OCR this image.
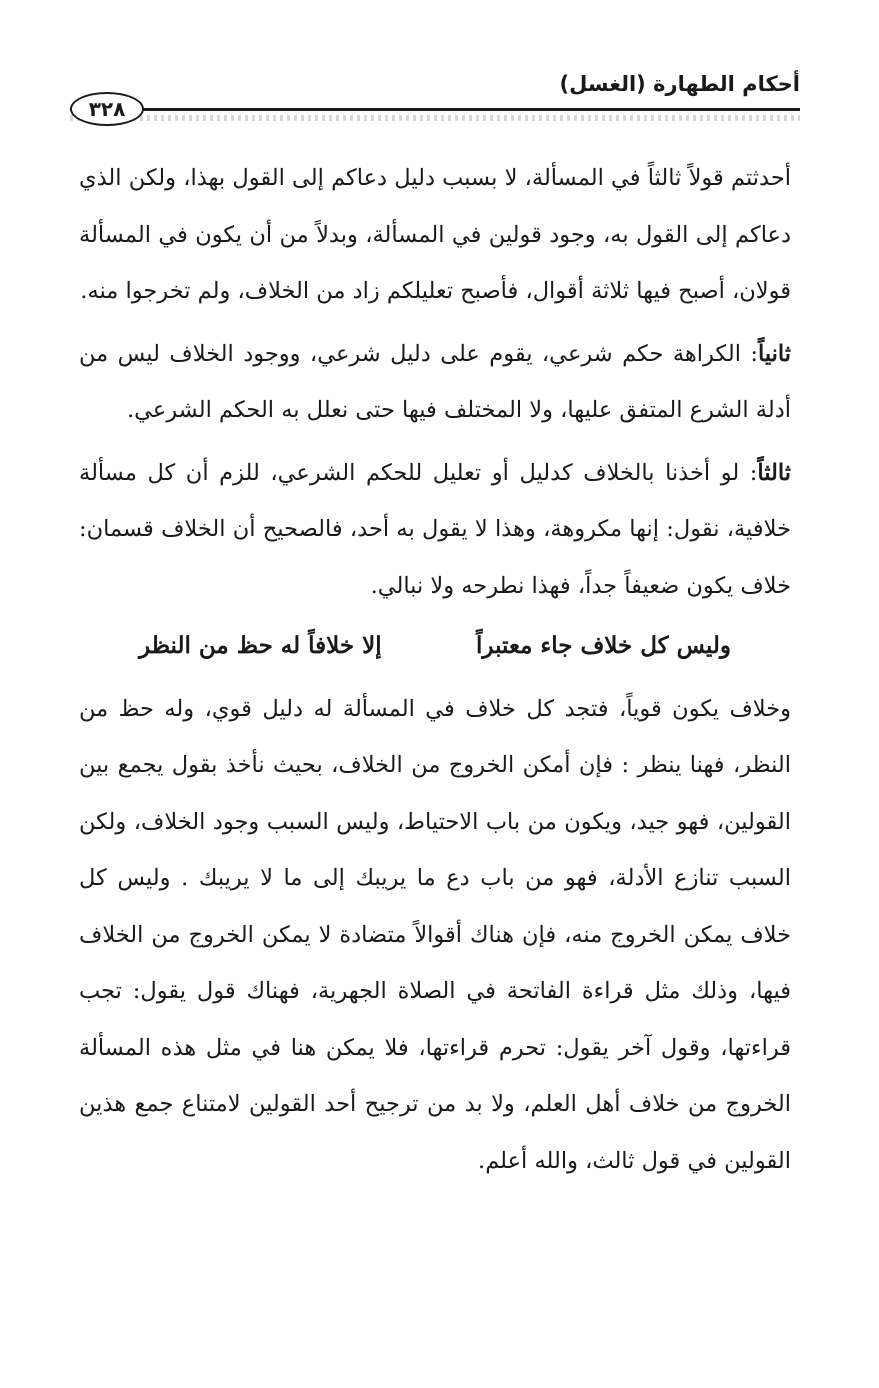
أحكام الطهارة (الغسل)
٣٢٨

أحدثتم قولاً ثالثاً في المسألة، لا بسبب دليل دعاكم إلى القول بهذا، ولكن الذي دعاكم إلى القول به، وجود قولين في المسألة، وبدلاً من أن يكون في المسألة قولان، أصبح فيها ثلاثة أقوال، فأصبح تعليلكم زاد من الخلاف، ولم تخرجوا منه.

ثانياً: الكراهة حكم شرعي، يقوم على دليل شرعي، ووجود الخلاف ليس من أدلة الشرع المتفق عليها، ولا المختلف فيها حتى نعلل به الحكم الشرعي.

ثالثاً: لو أخذنا بالخلاف كدليل أو تعليل للحكم الشرعي، للزم أن كل مسألة خلافية، نقول: إنها مكروهة، وهذا لا يقول به أحد، فالصحيح أن الخلاف قسمان: خلاف يكون ضعيفاً جداً، فهذا نطرحه ولا نبالي.

وليس كل خلاف جاء معتبراً
إلا خلافاً له حظ من النظر

وخلاف يكون قوياً، فتجد كل خلاف في المسألة له دليل قوي، وله حظ من النظر، فهنا ينظر : فإن أمكن الخروج من الخلاف، بحيث نأخذ بقول يجمع بين القولين، فهو جيد، ويكون من باب الاحتياط، وليس السبب وجود الخلاف، ولكن السبب تنازع الأدلة، فهو من باب دع ما يريبك إلى ما لا يريبك . وليس كل خلاف يمكن الخروج منه، فإن هناك أقوالاً متضادة لا يمكن الخروج من الخلاف فيها، وذلك مثل قراءة الفاتحة في الصلاة الجهرية، فهناك قول يقول: تجب قراءتها، وقول آخر يقول: تحرم قراءتها، فلا يمكن هنا في مثل هذه المسألة الخروج من خلاف أهل العلم، ولا بد من ترجيح أحد القولين لامتناع جمع هذين القولين في قول ثالث، والله أعلم.
